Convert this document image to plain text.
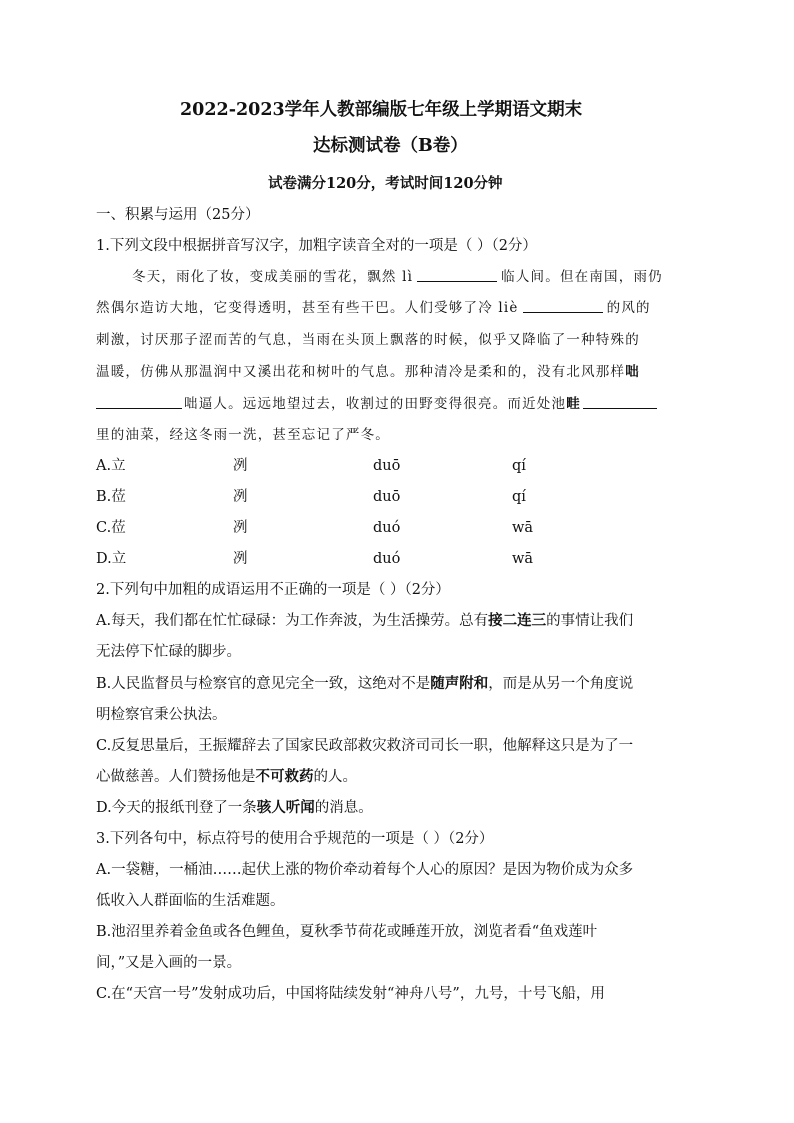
2022-2023学年人教部编版七年级上学期语文期末
达标测试卷（B卷）
试卷满分120分，考试时间120分钟
一、积累与运用（25分）
1.下列文段中根据拼音写汉字，加粗字读音全对的一项是（ ）（2分）
冬天，雨化了妆，变成美丽的雪花，飘然 lì	临人间。但在南国，雨仍
然偶尔造访大地，它变得透明，甚至有些干巴。人们受够了冷 liè	的风的
刺激，讨厌那子涩而苦的气息，当雨在头顶上飘落的时候，似乎又降临了一种特殊的
温暖，仿佛从那温润中又溪出花和树叶的气息。那种清冷是柔和的，没有北风那样咄
咄逼人。远远地望过去，收割过的田野变得很亮。而近处池畦
里的油菜，经这冬雨一洗，甚至忘记了严冬。
A.立	冽	duō	qí
B.莅	冽	duō	qí
C.莅	冽	duó	wā
D.立	冽	duó	wā
2.下列句中加粗的成语运用不正确的一项是（ ）（2分）
A.每天，我们都在忙忙碌碌：为工作奔波，为生活操劳。总有接二连三的事情让我们
无法停下忙碌的脚步。
B.人民监督员与检察官的意见完全一致，这绝对不是随声附和，而是从另一个角度说
明检察官秉公执法。
C.反复思量后，王振耀辞去了国家民政部救灾救济司司长一职，他解释这只是为了一
心做慈善。人们赞扬他是不可救药的人。
D.今天的报纸刊登了一条骇人听闻的消息。
3.下列各句中，标点符号的使用合乎规范的一项是（ ）（2分）
A.一袋糖，一桶油……起伏上涨的物价牵动着每个人心的原因？是因为物价成为众多
低收入人群面临的生活难题。
B.池沼里养着金鱼或各色鲤鱼，夏秋季节荷花或睡莲开放，浏览者看“鱼戏莲叶
间，”又是入画的一景。
C.在“天宫一号”发射成功后，中国将陆续发射“神舟八号”，九号，十号飞船，用
